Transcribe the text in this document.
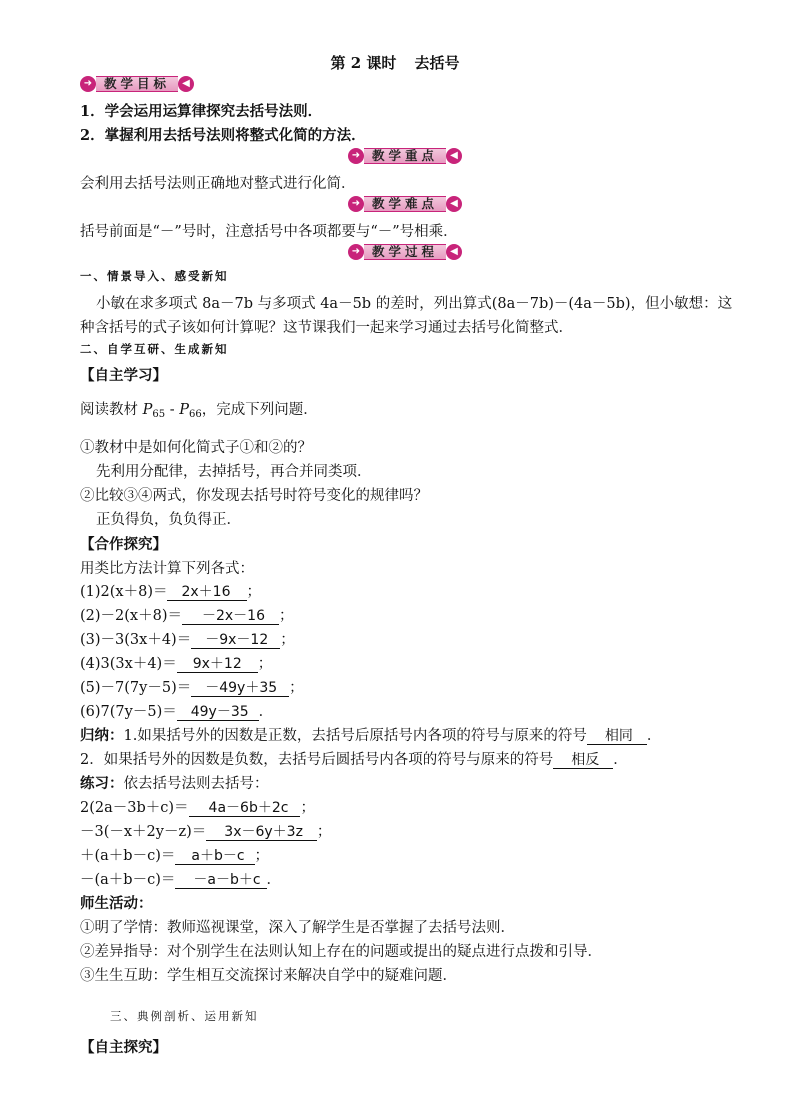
第 2 课时 去括号
➜ 教学目标	◀
1．学会运用运算律探究去括号法则．
2．掌握利用去括号法则将整式化简的方法．
➜ 教学重点	◀
会利用去括号法则正确地对整式进行化简．
➜ 教学难点	◀
括号前面是“－”号时，注意括号中各项都要与“－”号相乘．
➜ 教学过程	◀
一、情景导入、感受新知
小敏在求多项式 8a－7b 与多项式 4a－5b 的差时，列出算式(8a－7b)－(4a－5b)，但小敏想：这
种含括号的式子该如何计算呢？这节课我们一起来学习通过去括号化简整式．
二、自学互研、生成新知
【自主学习】
阅读教材 $P_{65} - P_{66}$，完成下列问题．
①教材中是如何化简式子①和②的？
先利用分配律，去掉括号，再合并同类项．
②比较③④两式，你发现去括号时符号变化的规律吗？
正负得负，负负得正．
【合作探究】
用类比方法计算下列各式：
(1)2(x＋8)＝ 2x＋16 ；
(2)－2(x＋8)＝ －2x－16 ；
(3)－3(3x＋4)＝ －9x－12 ；
(4)3(3x＋4)＝ 9x＋12 ；
(5)－7(7y－5)＝ －49y＋35 ；
(6)7(7y－5)＝ 49y－35 ．
归纳：1.如果括号外的因数是正数，去括号后原括号内各项的符号与原来的符号 相同 ．
2．如果括号外的因数是负数，去括号后圆括号内各项的符号与原来的符号 相反 ．
练习：依去括号法则去括号：
2(2a－3b＋c)＝ 4a－6b＋2c ；
－3(－x＋2y－z)＝ 3x－6y＋3z ；
＋(a＋b－c)＝ a＋b－c ；
－(a＋b－c)＝ －a－b＋c ．
师生活动：
①明了学情：教师巡视课堂，深入了解学生是否掌握了去括号法则．
②差异指导：对个别学生在法则认知上存在的问题或提出的疑点进行点拨和引导．
③生生互助：学生相互交流探讨来解决自学中的疑难问题．
三、典例剖析、运用新知
【自主探究】
